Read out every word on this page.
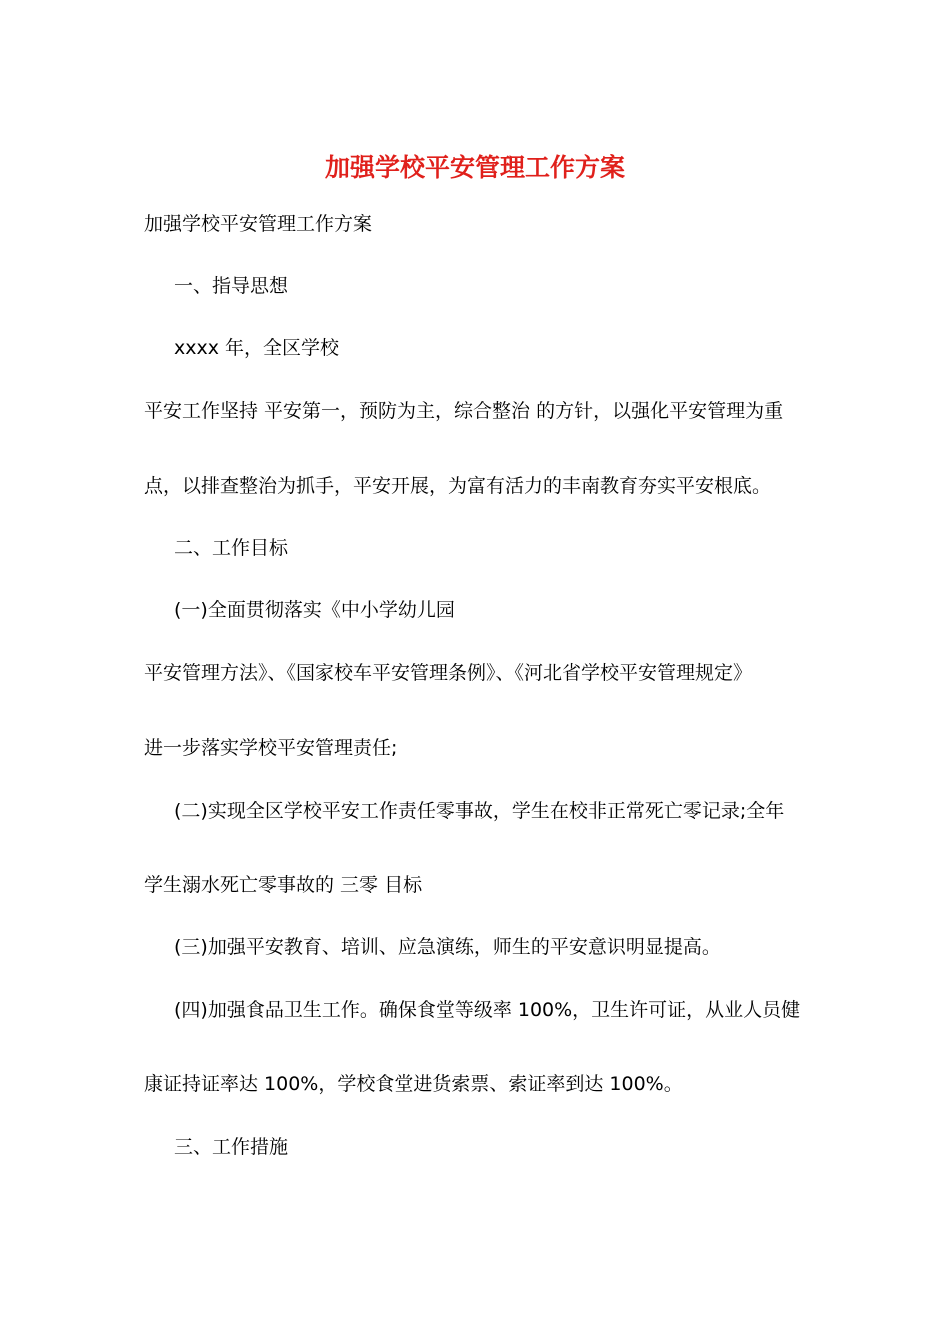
加强学校平安管理工作方案
加强学校平安管理工作方案
一、指导思想
xxxx 年，全区学校
平安工作坚持 平安第一，预防为主，综合整治 的方针，以强化平安管理为重
点，以排查整治为抓手，平安开展，为富有活力的丰南教育夯实平安根底。
二、工作目标
(一)全面贯彻落实《中小学幼儿园
平安管理方法》、《国家校车平安管理条例》、《河北省学校平安管理规定》
进一步落实学校平安管理责任;
(二)实现全区学校平安工作责任零事故，学生在校非正常死亡零记录;全年
学生溺水死亡零事故的 三零 目标
(三)加强平安教育、培训、应急演练，师生的平安意识明显提高。
(四)加强食品卫生工作。确保食堂等级率 100%，卫生许可证，从业人员健
康证持证率达 100%，学校食堂进货索票、索证率到达 100%。
三、工作措施
